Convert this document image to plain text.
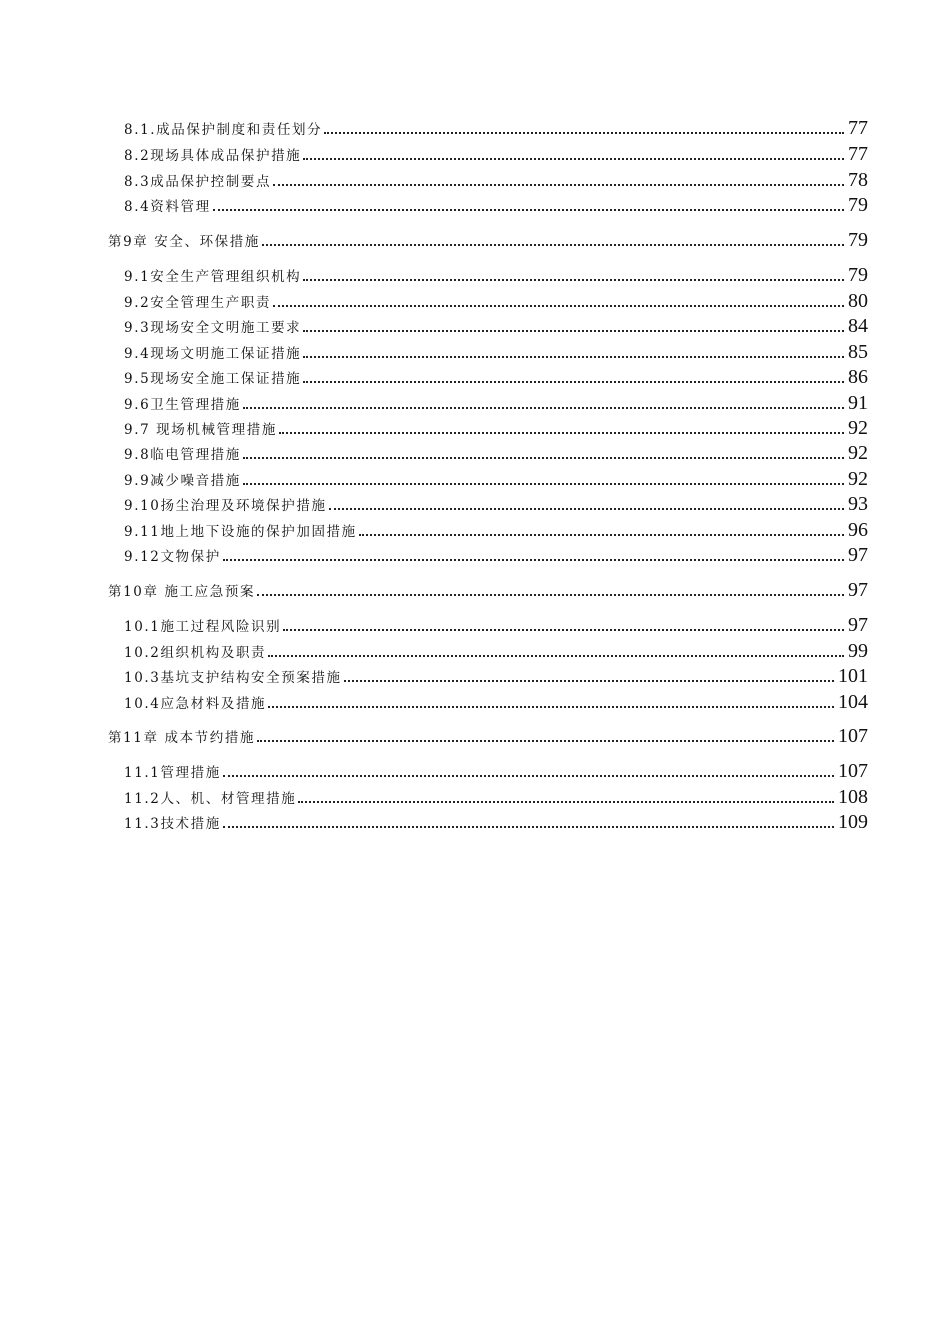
8.1.成品保护制度和责任划分	77
8.2现场具体成品保护措施	77
8.3成品保护控制要点	78
8.4资料管理	79
第9章 安全、环保措施	79
9.1安全生产管理组织机构	79
9.2安全管理生产职责	80
9.3现场安全文明施工要求	84
9.4现场文明施工保证措施	85
9.5现场安全施工保证措施	86
9.6卫生管理措施	91
9.7 现场机械管理措施	92
9.8临电管理措施	92
9.9减少噪音措施	92
9.10扬尘治理及环境保护措施	93
9.11地上地下设施的保护加固措施	96
9.12文物保护	97
第10章 施工应急预案	97
10.1施工过程风险识别	97
10.2组织机构及职责	99
10.3基坑支护结构安全预案措施	101
10.4应急材料及措施	104
第11章 成本节约措施	107
11.1管理措施	107
11.2人、机、材管理措施	108
11.3技术措施	109
